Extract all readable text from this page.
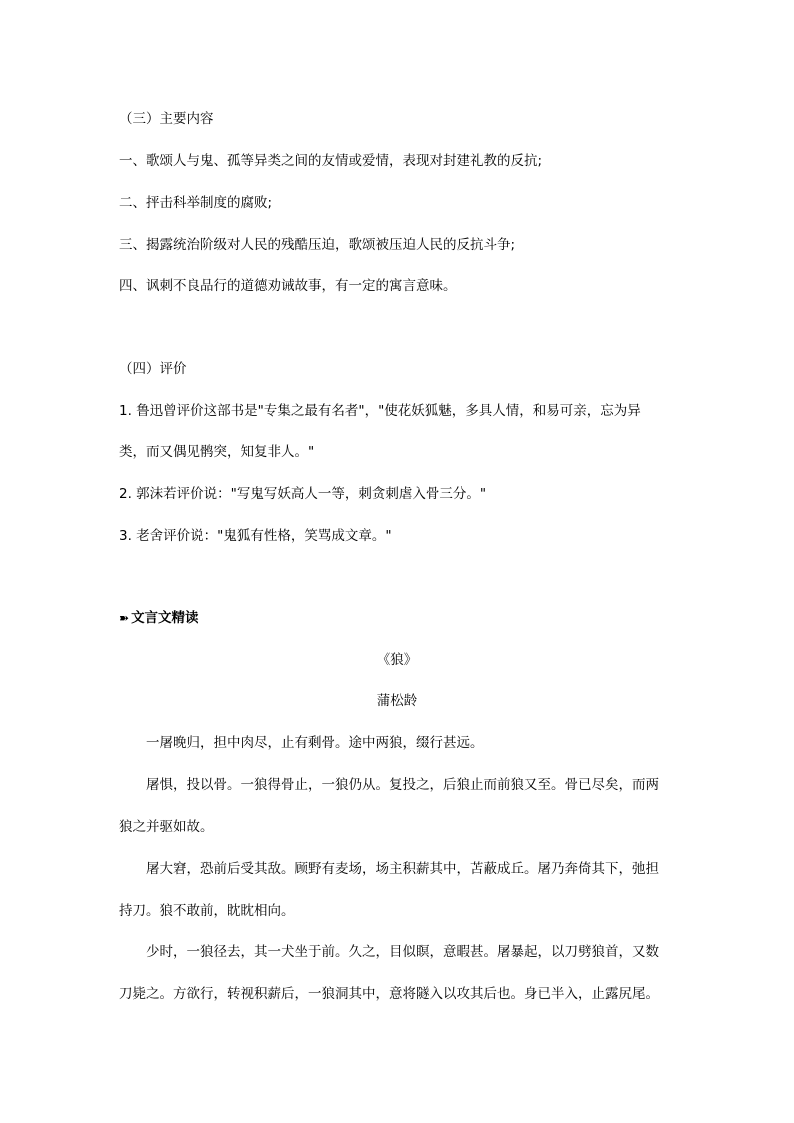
（三）主要内容
一、歌颂人与鬼、孤等异类之间的友情或爱情，表现对封建礼教的反抗;
二、抨击科举制度的腐败;
三、揭露统治阶级对人民的残酷压迫，歌颂被压迫人民的反抗斗争;
四、讽刺不良品行的道德劝诫故事，有一定的寓言意味。
（四）评价
1. 鲁迅曾评价这部书是"专集之最有名者"，"使花妖狐魅，多具人情，和易可亲，忘为异
类，而又偶见鹘突，知复非人。"
2. 郭沫若评价说："写鬼写妖高人一等，刺贪刺虐入骨三分。"
3. 老舍评价说："鬼狐有性格，笑骂成文章。"
➽ 文言文精读
《狼》
蒲松龄
一屠晚归，担中肉尽，止有剩骨。途中两狼，缀行甚远。
屠惧，投以骨。一狼得骨止，一狼仍从。复投之，后狼止而前狼又至。骨已尽矣，而两
狼之并驱如故。
屠大窘，恐前后受其敌。顾野有麦场，场主积薪其中，苫蔽成丘。屠乃奔倚其下，弛担
持刀。狼不敢前，眈眈相向。
少时，一狼径去，其一犬坐于前。久之，目似瞑，意暇甚。屠暴起，以刀劈狼首，又数
刀毙之。方欲行，转视积薪后，一狼洞其中，意将隧入以攻其后也。身已半入，止露尻尾。
